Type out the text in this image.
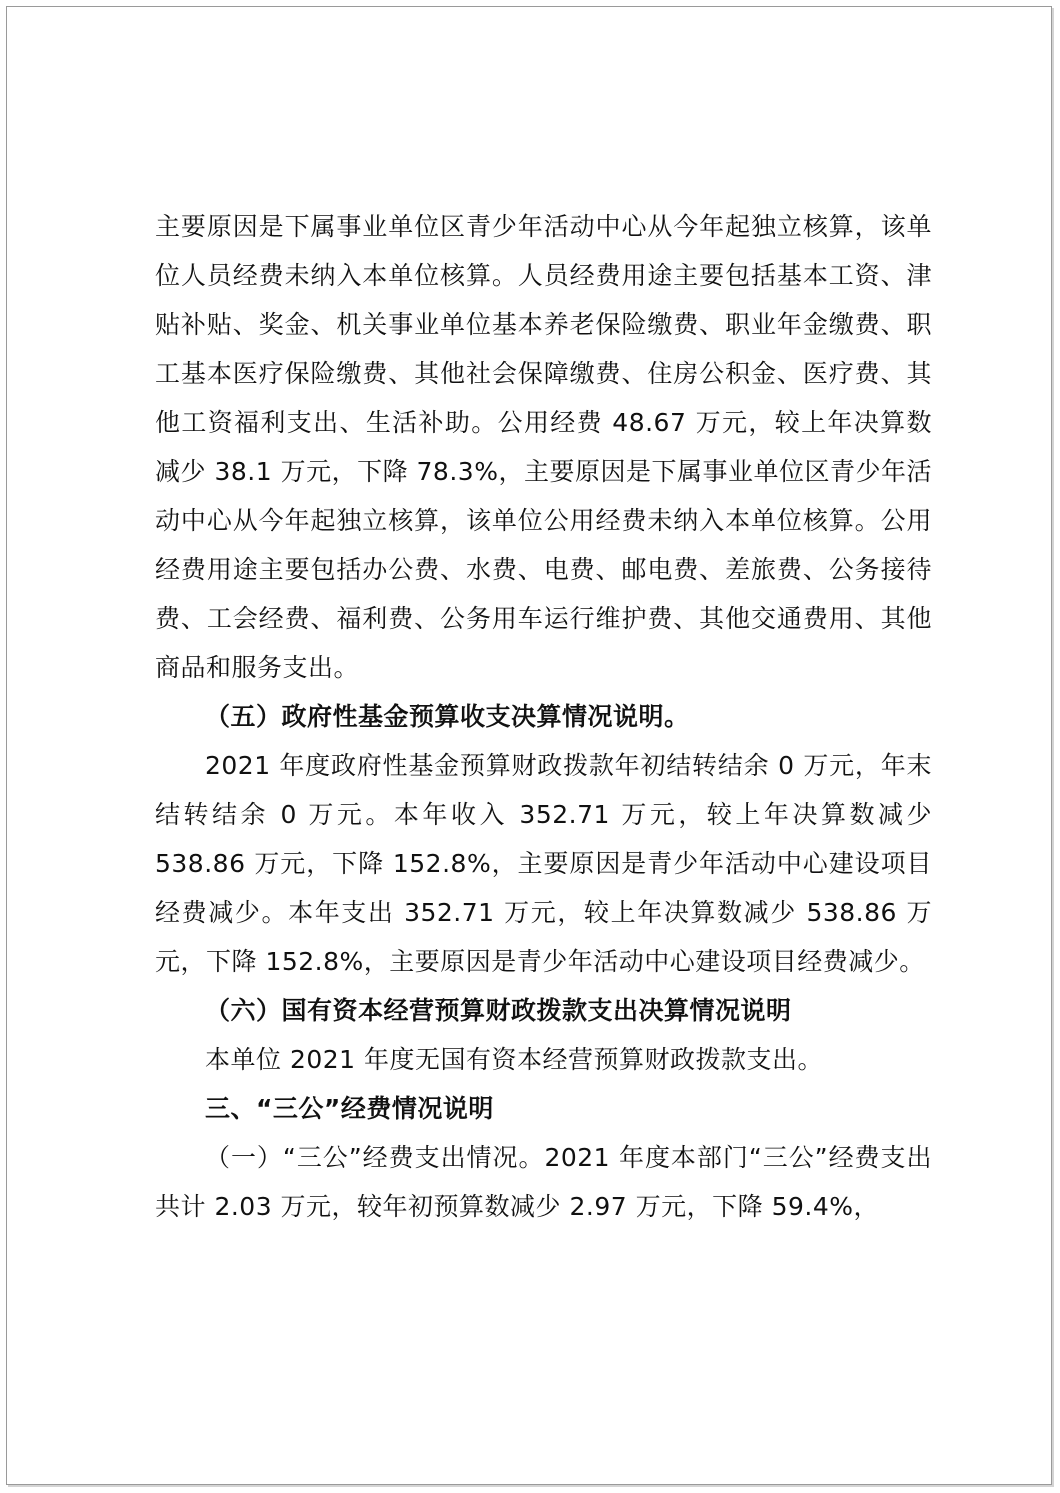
主要原因是下属事业单位区青少年活动中心从今年起独立核算，该单位人员经费未纳入本单位核算。人员经费用途主要包括基本工资、津贴补贴、奖金、机关事业单位基本养老保险缴费、职业年金缴费、职工基本医疗保险缴费、其他社会保障缴费、住房公积金、医疗费、其他工资福利支出、生活补助。公用经费 48.67 万元，较上年决算数减少 38.1 万元，下降 78.3%，主要原因是下属事业单位区青少年活动中心从今年起独立核算，该单位公用经费未纳入本单位核算。公用经费用途主要包括办公费、水费、电费、邮电费、差旅费、公务接待费、工会经费、福利费、公务用车运行维护费、其他交通费用、其他商品和服务支出。

（五）政府性基金预算收支决算情况说明。

2021 年度政府性基金预算财政拨款年初结转结余 0 万元，年末结转结余 0 万元。本年收入 352.71 万元，较上年决算数减少 538.86 万元，下降 152.8%，主要原因是青少年活动中心建设项目经费减少。本年支出 352.71 万元，较上年决算数减少 538.86 万元，下降 152.8%，主要原因是青少年活动中心建设项目经费减少。

（六）国有资本经营预算财政拨款支出决算情况说明

本单位 2021 年度无国有资本经营预算财政拨款支出。

三、“三公”经费情况说明

（一）“三公”经费支出情况。2021 年度本部门“三公”经费支出共计 2.03 万元，较年初预算数减少 2.97 万元，下降 59.4%，
